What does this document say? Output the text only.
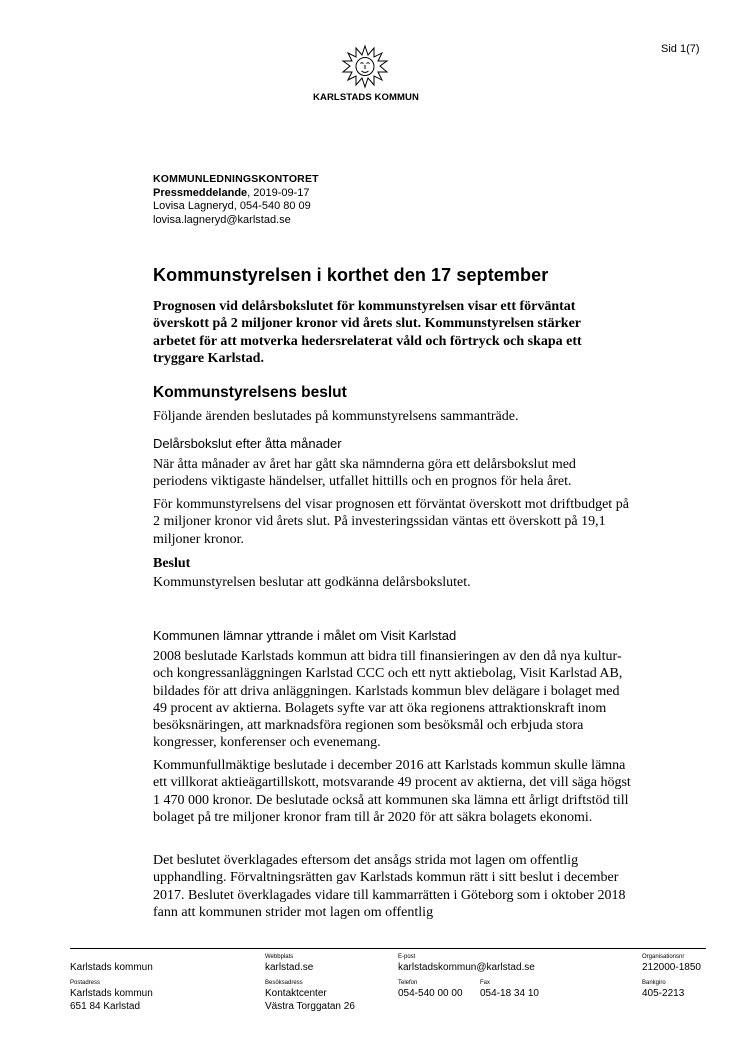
Sid 1(7)
KARLSTADS KOMMUN
KOMMUNLEDNINGSKONTORET
Pressmeddelande, 2019-09-17
Lovisa Lagneryd, 054-540 80 09
lovisa.lagneryd@karlstad.se
Kommunstyrelsen i korthet den 17 september
Prognosen vid delårsbokslutet för kommunstyrelsen visar ett förväntat överskott på 2 miljoner kronor vid årets slut. Kommunstyrelsen stärker arbetet för att motverka hedersrelaterat våld och förtryck och skapa ett tryggare Karlstad.
Kommunstyrelsens beslut
Följande ärenden beslutades på kommunstyrelsens sammanträde.
Delårsbokslut efter åtta månader
När åtta månader av året har gått ska nämnderna göra ett delårsbokslut med periodens viktigaste händelser, utfallet hittills och en prognos för hela året.
För kommunstyrelsens del visar prognosen ett förväntat överskott mot driftbudget på 2 miljoner kronor vid årets slut. På investeringssidan väntas ett överskott på 19,1 miljoner kronor.
Beslut
Kommunstyrelsen beslutar att godkänna delårsbokslutet.
Kommunen lämnar yttrande i målet om Visit Karlstad
2008 beslutade Karlstads kommun att bidra till finansieringen av den då nya kultur- och kongressanläggningen Karlstad CCC och ett nytt aktiebolag, Visit Karlstad AB, bildades för att driva anläggningen. Karlstads kommun blev delägare i bolaget med 49 procent av aktierna. Bolagets syfte var att öka regionens attraktionskraft inom besöksnäringen, att marknadsföra regionen som besöksmål och erbjuda stora kongresser, konferenser och evenemang.
Kommunfullmäktige beslutade i december 2016 att Karlstads kommun skulle lämna ett villkorat aktieägartillskott, motsvarande 49 procent av aktierna, det vill säga högst 1 470 000 kronor. De beslutade också att kommunen ska lämna ett årligt driftstöd till bolaget på tre miljoner kronor fram till år 2020 för att säkra bolagets ekonomi.
Det beslutet överklagades eftersom det ansågs strida mot lagen om offentlig upphandling. Förvaltningsrätten gav Karlstads kommun rätt i sitt beslut i december 2017. Beslutet överklagades vidare till kammarrätten i Göteborg som i oktober 2018 fann att kommunen strider mot lagen om offentlig
Karlstads kommun
Webbplats
karlstad.se
E-post
karlstadskommun@karlstad.se
Organisationsnr
212000-1850
Postadress
Karlstads kommun
651 84 Karlstad
Besöksadress
Kontaktcenter
Västra Torggatan 26
Telefon
054-540 00 00
Fax
054-18 34 10
Bankgiro
405-2213
